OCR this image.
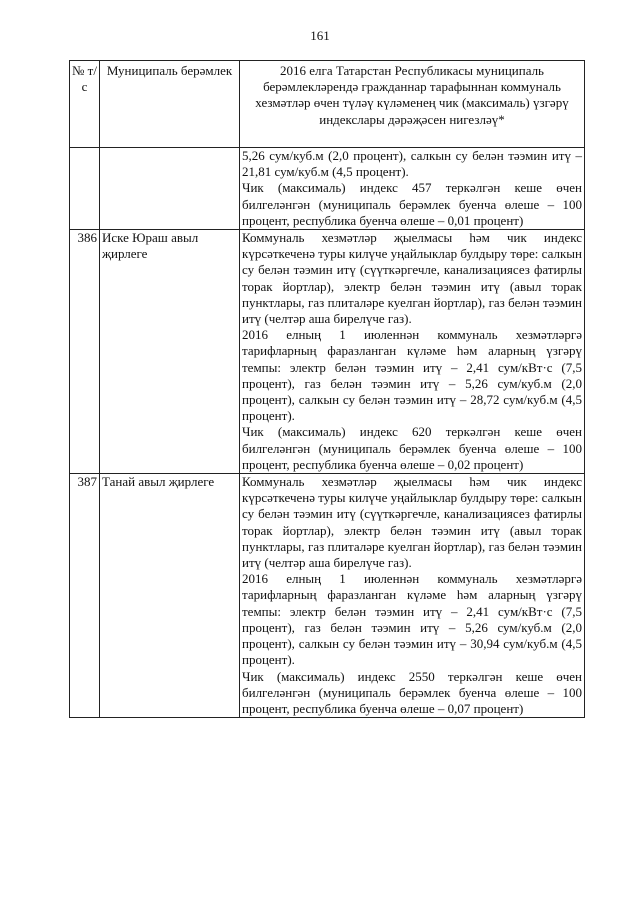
161
№ т/с	Муниципаль берәмлек	2016 елга Татарстан Республикасы муниципаль берәмлекләрендә гражданнар тарафыннан коммуналь хезмәтләр өчен түләү күләменең чик (максималь) үзгәрү индекслары дәрәҗәсен нигезләү*

		5,26 сум/куб.м (2,0 процент), салкын су белән тәэмин итү – 21,81 сум/куб.м (4,5 процент).

Чик (максималь) индекс 457 теркәлгән кеше өчен билгеләнгән (муниципаль берәмлек буенча өлеше – 100 процент, республика буенча өлеше – 0,01 процент)

386	Иске Юраш авыл җирлеге	Коммуналь хезмәтләр җыелмасы һәм чик индекс күрсәткеченә туры килүче уңайлыклар булдыру төре: салкын су белән тәэмин итү (сүүткәргечле, канализациясез фатирлы торак йортлар), электр белән тәэмин итү (авыл торак пунктлары, газ плиталәре куелган йортлар), газ белән тәэмин итү (челтәр аша бирелүче газ).

2016 елның 1 июленнән коммуналь хезмәтләргә тарифларның фаразланган күләме һәм аларның үзгәрү темпы: электр белән тәэмин итү – 2,41 сум/кВт·с (7,5 процент), газ белән тәэмин итү – 5,26 сум/куб.м (2,0 процент), салкын су белән тәэмин итү – 28,72 сум/куб.м (4,5 процент).

Чик (максималь) индекс 620 теркәлгән кеше өчен билгеләнгән (муниципаль берәмлек буенча өлеше – 100 процент, республика буенча өлеше – 0,02 процент)

387	Танай авыл җирлеге	Коммуналь хезмәтләр җыелмасы һәм чик индекс күрсәткеченә туры килүче уңайлыклар булдыру төре: салкын су белән тәэмин итү (сүүткәргечле, канализациясез фатирлы торак йортлар), электр белән тәэмин итү (авыл торак пунктлары, газ плиталәре куелган йортлар), газ белән тәэмин итү (челтәр аша бирелүче газ).

2016 елның 1 июленнән коммуналь хезмәтләргә тарифларның фаразланган күләме һәм аларның үзгәрү темпы: электр белән тәэмин итү – 2,41 сум/кВт·с (7,5 процент), газ белән тәэмин итү – 5,26 сум/куб.м (2,0 процент), салкын су белән тәэмин итү – 30,94 сум/куб.м (4,5 процент).

Чик (максималь) индекс 2550 теркәлгән кеше өчен билгеләнгән (муниципаль берәмлек буенча өлеше – 100 процент, республика буенча өлеше – 0,07 процент)
